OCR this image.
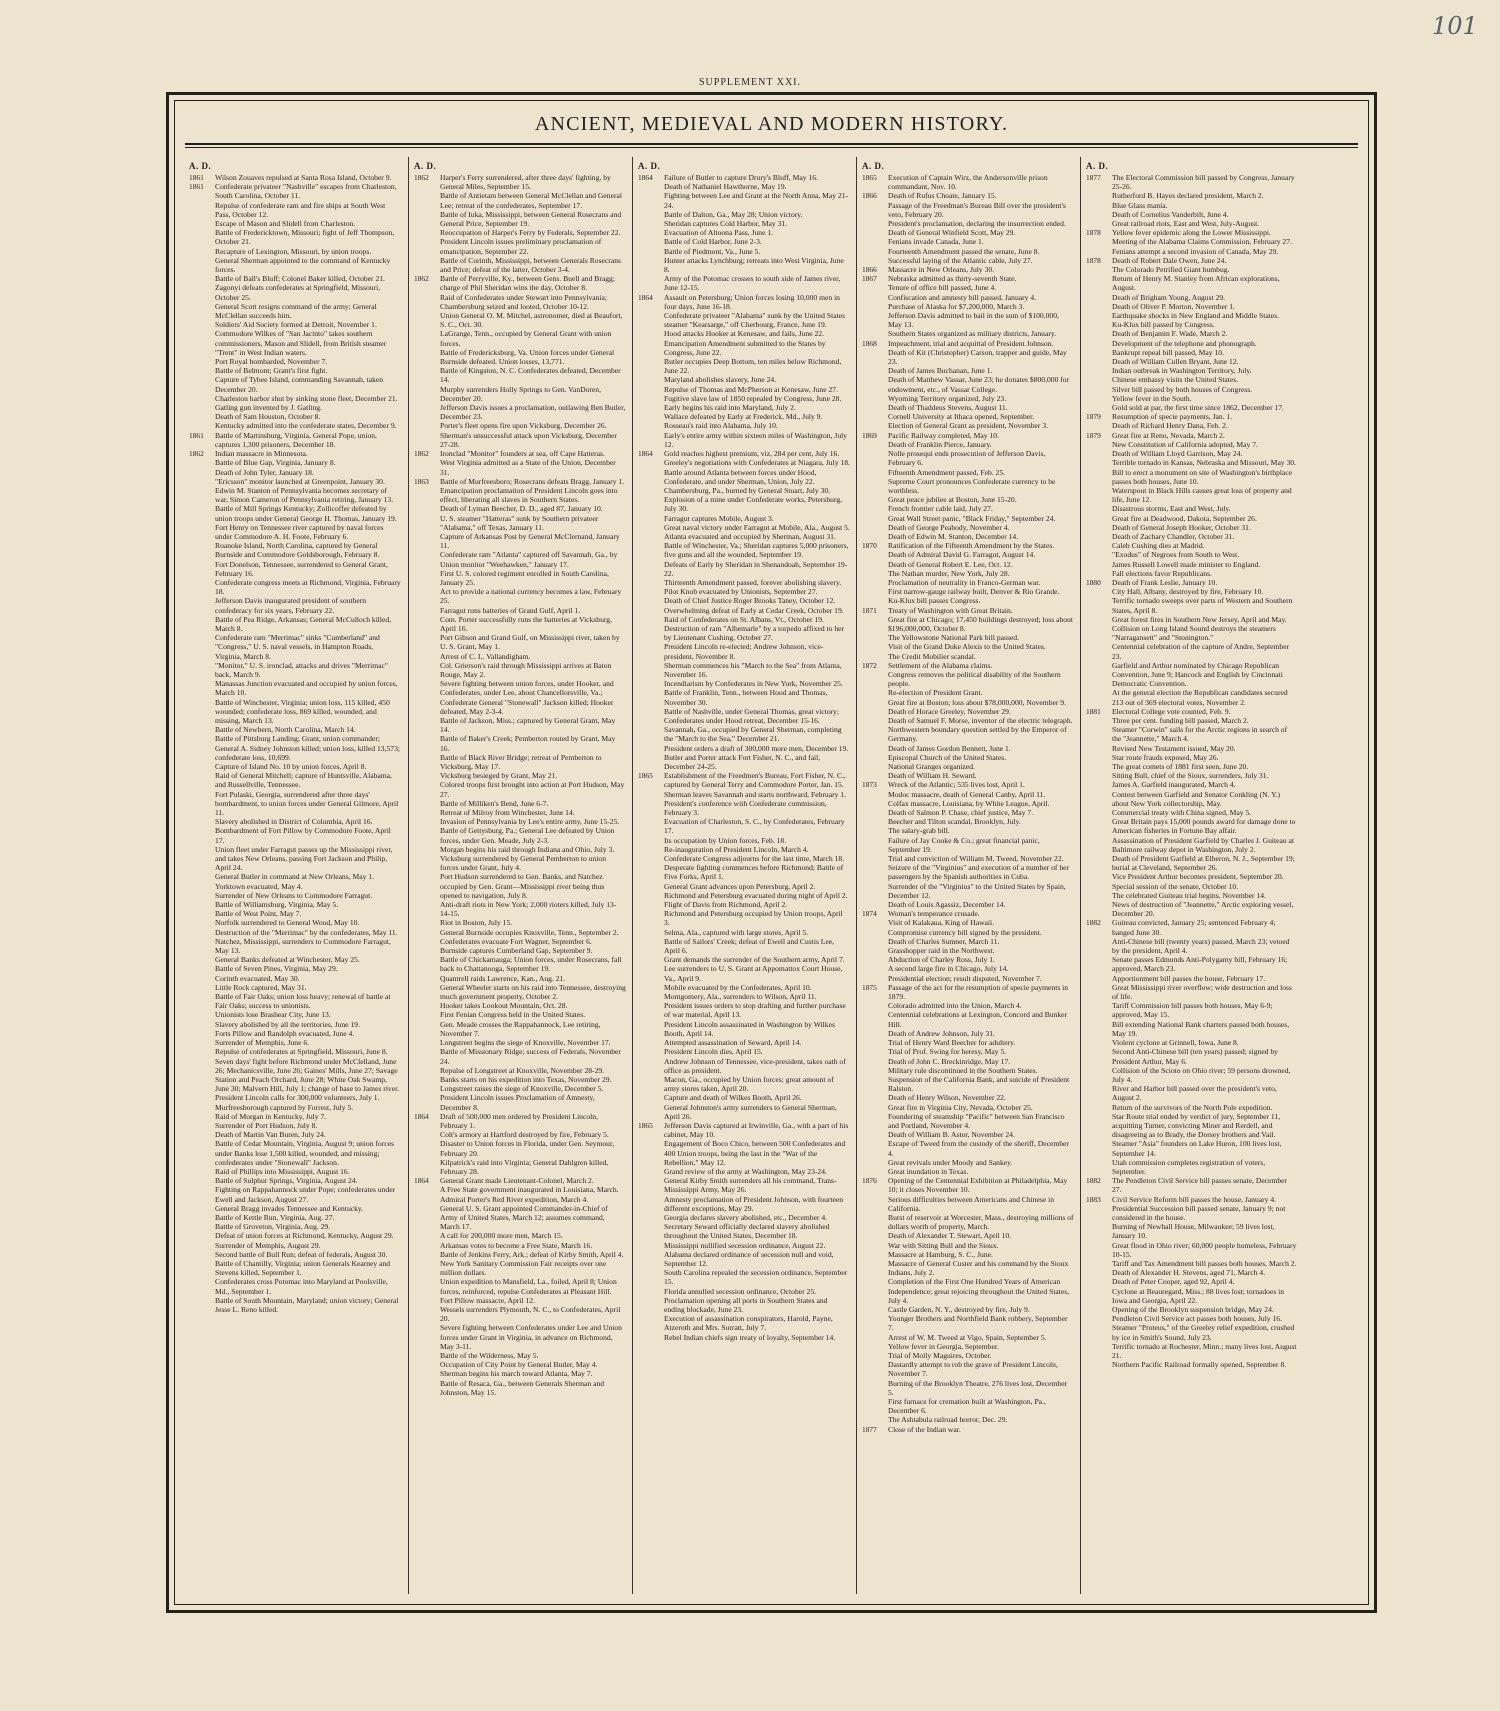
101
SUPPLEMENT XXI.
ANCIENT, MEDIEVAL AND MODERN HISTORY.
A. D.
1861	Wilson Zouaves repulsed at Santa Rosa Island, October 9.
1861	Confederate privateer "Nashville" escapes from Charleston, South Carolina, October 11.
Repulse of confederate ram and fire ships at South West Pass, October 12.
Escape of Mason and Slidell from Charleston.
Battle of Fredericktown, Missouri; fight of Jeff Thompson, October 21.
Recapture of Lexington, Missouri, by union troops.
General Sherman appointed to the command of Kentucky forces.
Battle of Ball's Bluff; Colonel Baker killed, October 21.
Zagonyi defeats confederates at Springfield, Missouri, October 25.
General Scott resigns command of the army; General McClellan succeeds him.
Soldiers' Aid Society formed at Detroit, November 1.
Commodore Wilkes of "San Jacinto" takes southern commissioners, Mason and Slidell, from British steamer "Trent" in West Indian waters.
Port Royal bombarded, November 7.
Battle of Belmont; Grant's first fight.
Capture of Tybee Island, commanding Savannah, taken December 20.
Charleston harbor shut by sinking stone fleet, December 21.
Gatling gun invented by J. Gatling.
Death of Sam Houston, October 8.
Kentucky admitted into the confederate states, December 9.
1861	Battle of Martinsburg, Virginia, General Pope, union, captures 1,300 prisoners, December 18.
1862	Indian massacre in Minnesota.
Battle of Blue Gap, Virginia, January 8.
Death of John Tyler, January 18.
"Ericsson" monitor launched at Greenpoint, January 30.
Edwin M. Stanton of Pennsylvania becomes secretary of war, Simon Cameron of Pennsylvania retiring, January 13.
Battle of Mill Springs Kentucky; Zollicoffer defeated by union troops under General George H. Thomas, January 19.
Fort Henry on Tennessee river captured by naval forces under Commodore A. H. Foote, February 6.
Roanoke Island, North Carolina, captured by General Burnside and Commodore Goldsborough, February 8.
Fort Donelson, Tennessee, surrendered to General Grant, February 16.
Confederate congress meets at Richmond, Virginia, February 18.
Jefferson Davis inaugurated president of southern confederacy for six years, February 22.
Battle of Pea Ridge, Arkansas; General McCulloch killed, March 8.
Confederate ram "Merrimac" sinks "Cumberland" and "Congress," U. S. naval vessels, in Hampton Roads, Virginia, March 8.
"Monitor," U. S. ironclad, attacks and drives "Merrimac" back, March 9.
Manassas Junction evacuated and occupied by union forces, March 10.
Battle of Winchester, Virginia; union loss, 115 killed, 450 wounded; confederate loss, 869 killed, wounded, and missing, March 13.
Battle of Newbern, North Carolina, March 14.
Battle of Pittsburg Landing; Grant, union commander; General A. Sidney Johnston killed; union loss, killed 13,573; confederate loss, 10,699.
Capture of Island No. 10 by union forces, April 8.
Raid of General Mitchell; capture of Huntsville, Alabama, and Russellville, Tennessee.
Fort Pulaski, Georgia, surrendered after three days' bombardment, to union forces under General Gilmore, April 11.
Slavery abolished in District of Columbia, April 16.
Bombardment of Fort Pillow by Commodore Foote, April 17.
Union fleet under Farragut passes up the Mississippi river, and takes New Orleans, passing Fort Jackson and Philip, April 24.
General Butler in command at New Orleans, May 1.
Yorktown evacuated, May 4.
Surrender of New Orleans to Commodore Farragut.
Battle of Williamsburg, Virginia, May 5.
Battle of West Point, May 7.
Norfolk surrendered to General Wood, May 10.
Destruction of the "Merrimac" by the confederates, May 11.
Natchez, Mississippi, surrenders to Commodore Farragut, May 13.
General Banks defeated at Winchester, May 25.
Battle of Seven Pines, Virginia, May 29.
Corinth evacuated, May 30.
Little Rock captured, May 31.
Battle of Fair Oaks; union loss heavy; renewal of battle at Fair Oaks; success to unionists.
Unionists lose Brashear City, June 13.
Slavery abolished by all the territories, June 19.
Forts Pillow and Randolph evacuated, June 4.
Surrender of Memphis, June 6.
Repulse of confederates at Springfield, Missouri, June 8.
Seven days' fight before Richmond under McClelland, June 26; Mechanicsville, June 26; Gaines' Mills, June 27; Savage Station and Peach Orchard, June 28; White Oak Swamp, June 30; Malvern Hill, July 1; change of base to James river.
President Lincoln calls for 300,000 volunteers, July 1.
Murfreesborough captured by Forrest, July 5.
Raid of Morgan in Kentucky, July 7.
Surrender of Port Hudson, July 8.
Death of Martin Van Buren, July 24.
Battle of Cedar Mountain, Virginia, August 9; union forces under Banks lose 1,500 killed, wounded, and missing; confederates under "Stonewall" Jackson.
Raid of Phillips into Mississippi, August 16.
Battle of Sulphur Springs, Virginia, August 24.
Fighting on Rappahannock under Pope; confederates under Ewell and Jackson, August 27.
General Bragg invades Tennessee and Kentucky.
Battle of Kettle Run, Virginia, Aug. 27.
Battle of Groveton, Virginia, Aug. 29.
Defeat of union forces at Richmond, Kentucky, August 29.
Surrender of Memphis, August 29.
Second battle of Bull Run; defeat of federals, August 30.
Battle of Chantilly, Virginia; union Generals Kearney and Stevens killed, September 1.
Confederates cross Potomac into Maryland at Poolsville, Md., September 1.
Battle of South Mountain, Maryland; union victory; General Jesse L. Reno killed.
A. D.
1862	Harper's Ferry surrendered, after three days' fighting, by General Miles, September 15.
Battle of Antietam between General McClellan and General Lee; retreat of the confederates, September 17.
Battle of Iuka, Mississippi, between General Rosecrans and General Price, September 19.
Reoccupation of Harper's Ferry by Federals, September 22.
President Lincoln issues preliminary proclamation of emancipation, September 22.
Battle of Corinth, Mississippi, between Generals Rosecrans and Price; defeat of the latter, October 3-4.
1862	Battle of Perryville, Ky., between Gens. Buell and Bragg; charge of Phil Sheridan wins the day, October 8.
Raid of Confederates under Stewart into Pennsylvania; Chambersburg seized and looted, October 10-12.
Union General O. M. Mitchel, astronomer, died at Beaufort, S. C., Oct. 30.
LaGrange, Tenn., occupied by General Grant with union forces.
Battle of Fredericksburg, Va. Union forces under General Burnside defeated. Union losses, 13,771.
Battle of Kingston, N. C. Confederates defeated, December 14.
Murphy surrenders Holly Springs to Gen. VanDoren, December 20.
Jefferson Davis issues a proclamation, outlawing Ben Butler, December 23.
Porter's fleet opens fire upon Vicksburg, December 26.
Sherman's unsuccessful attack upon Vicksburg, December 27-28.
1862	Ironclad "Monitor" founders at sea, off Cape Hatteras.
West Virginia admitted as a State of the Union, December 31.
1863	Battle of Murfreesboro; Rosecrans defeats Bragg, January 1.
Emancipation proclamation of President Lincoln goes into effect, liberating all slaves in Southern States.
Death of Lyman Beecher, D. D., aged 87, January 10.
U. S. steamer "Hatteras" sunk by Southern privateer "Alabama," off Texas, January 11.
Capture of Arkansas Post by General McClernand, January 11.
Confederate ram "Atlanta" captured off Savannah, Ga., by Union monitor "Weehawken," January 17.
First U. S. colored regiment enrolled in South Carolina, January 25.
Act to provide a national currency becomes a law, February 25.
Farragut runs batteries of Grand Gulf, April 1.
Com. Porter successfully runs the batteries at Vicksburg, April 16.
Port Gibson and Grand Gulf, on Mississippi river, taken by U. S. Grant, May 1.
Arrest of C. L. Vallandigham.
Col. Grierson's raid through Mississippi arrives at Baton Rouge, May 2.
Severe fighting between union forces, under Hooker, and Confederates, under Lee, about Chancellorsville, Va.; Confederate General "Stonewall" Jackson killed; Hooker defeated, May 2-3-4.
Battle of Jackson, Miss.; captured by General Grant, May 14.
Battle of Baker's Creek; Pemberton routed by Grant, May 16.
Battle of Black River Bridge; retreat of Pemberton to Vicksburg, May 17.
Vicksburg besieged by Grant, May 21.
Colored troops first brought into action at Port Hudson, May 27.
Battle of Milliken's Bend, June 6-7.
Retreat of Milroy from Winchester, June 14.
Invasion of Pennsylvania by Lee's entire army, June 15-25.
Battle of Gettysburg, Pa.; General Lee defeated by Union forces, under Gen. Meade, July 2-3.
Morgan begins his raid through Indiana and Ohio, July 3.
Vicksburg surrendered by General Pemberton to union forces under Grant, July 4.
Port Hudson surrendered to Gen. Banks, and Natchez occupied by Gen. Grant—Mississippi river being thus opened to navigation, July 8.
Anti-draft riots in New York; 2,000 rioters killed, July 13-14-15.
Riot in Boston, July 15.
General Burnside occupies Knoxville, Tenn., September 2.
Confederates evacuate Fort Wagner, September 6.
Burnside captures Cumberland Gap, September 9.
Battle of Chickamauga; Union forces, under Rosecrans, fall back to Chattanooga, September 19.
Quantrell raids Lawrence, Kan., Aug. 21.
General Wheeler starts on his raid into Tennessee, destroying much government property, October 2.
Hooker takes Lookout Mountain, Oct. 28.
First Fenian Congress held in the United States.
Gen. Meade crosses the Rappahannock, Lee retiring, November 7.
Longstreet begins the siege of Knoxville, November 17.
Battle of Missionary Ridge; success of Federals, November 24.
Repulse of Longstreet at Knoxville, November 28-29.
Banks starts on his expedition into Texas, November 29.
Longstreet raises the siege of Knoxville, December 5.
President Lincoln issues Proclamation of Amnesty, December 8.
1864	Draft of 500,000 men ordered by President Lincoln, February 1.
Colt's armory at Hartford destroyed by fire, February 5.
Disaster to Union forces in Florida, under Gen. Seymour, February 20.
Kilpatrick's raid into Virginia; General Dahlgren killed, February 28.
1864	General Grant made Lieutenant-Colonel, March 2.
A Free State government inaugurated in Louisiana, March.
Admiral Porter's Red River expedition, March 4.
General U. S. Grant appointed Commander-in-Chief of Army of United States, March 12; assumes command, March 17.
A call for 200,000 more men, March 15.
Arkansas votes to become a Free State, March 16.
Battle of Jenkins Ferry, Ark.; defeat of Kirby Smith, April 4.
New York Sanitary Commission Fair receipts over one million dollars.
Union expedition to Mansfield, La., foiled, April 8; Union forces, reinforced, repulse Confederates at Pleasant Hill.
Fort Pillow massacre, April 12.
Wessels surrenders Plymouth, N. C., to Confederates, April 20.
Severe fighting between Confederates under Lee and Union forces under Grant in Virginia, in advance on Richmond, May 3-11.
Battle of the Wilderness, May 5.
Occupation of City Point by General Butler, May 4.
Sherman begins his march toward Atlanta, May 7.
Battle of Resaca, Ga., between Generals Sherman and Johnston, May 15.
A. D.
1864	Failure of Butler to capture Drury's Bluff, May 16.
Death of Nathaniel Hawthorne, May 19.
Fighting between Lee and Grant at the North Anna, May 21-24.
Battle of Dalton, Ga., May 28; Union victory.
Sheridan captures Cold Harbor, May 31.
Evacuation of Altoona Pass, June 1.
Battle of Cold Harbor, June 2-3.
Battle of Piedmont, Va., June 5.
Hunter attacks Lynchburg; retreats into West Virginia, June 8.
Army of the Potomac crosses to south side of James river, June 12-15.
1864	Assault on Petersburg; Union forces losing 10,000 men in four days, June 16-18.
Confederate privateer "Alabama" sunk by the United States steamer "Kearsarge," off Cherbourg, France, June 19.
Hood attacks Hooker at Kenesaw, and fails, June 22.
Emancipation Amendment submitted to the States by Congress, June 22.
Butler occupies Deep Bottom, ten miles below Richmond, June 22.
Maryland abolishes slavery, June 24.
Repulse of Thomas and McPherson at Kenesaw, June 27.
Fugitive slave law of 1850 repealed by Congress, June 28.
Early begins his raid into Maryland, July 2.
Wallace defeated by Early at Frederick, Md., July 9.
Rosseau's raid into Alabama, July 10.
Early's entire army within sixteen miles of Washington, July 12.
1864	Gold reaches highest premium, viz, 284 per cent, July 16.
Greeley's negotiations with Confederates at Niagara, July 18.
Battle around Atlanta between forces under Hood, Confederate, and under Sherman, Union, July 22.
Chambersburg, Pa., burned by General Stuart, July 30.
Explosion of a mine under Confederate works, Petersburg, July 30.
Farragut captures Mobile, August 3.
Great naval victory under Farragut at Mobile, Ala., August 5.
Atlanta evacuated and occupied by Sherman, August 31.
Battle of Winchester, Va.; Sheridan captures 5,000 prisoners, five guns and all the wounded, September 19.
Defeats of Early by Sheridan in Shenandoah, September 19-22.
Thirteenth Amendment passed, forever abolishing slavery.
Pilot Knob evacuated by Unionists, September 27.
Death of Chief Justice Roger Brooks Taney, October 12.
Overwhelming defeat of Early at Cedar Creek, October 19.
Raid of Confederates on St. Albans, Vt., October 19.
Destruction of ram "Albemarle" by a torpedo affixed to her by Lieutenant Cushing, October 27.
President Lincoln re-elected; Andrew Johnson, vice-president, November 8.
Sherman commences his "March to the Sea" from Atlanta, November 16.
Incendiarism by Confederates in New York, November 25.
Battle of Franklin, Tenn., between Hood and Thomas, November 30.
Battle of Nashville, under General Thomas, great victory; Confederates under Hood retreat, December 15-16.
Savannah, Ga., occupied by General Sherman, completing the "March to the Sea," December 21.
President orders a draft of 300,000 more men, December 19.
Butler and Porter attack Fort Fisher, N. C., and fail, December 24-25.
1865	Establishment of the Freedmen's Bureau, Fort Fisher, N. C., captured by General Terry and Commodore Porter, Jan. 15.
Sherman leaves Savannah and starts northward, February 1.
President's conference with Confederate commission, February 3.
Evacuation of Charleston, S. C., by Confederates, February 17.
Its occupation by Union forces, Feb. 18.
Re-inauguration of President Lincoln, March 4.
Confederate Congress adjourns for the last time, March 18.
Desperate fighting commences before Richmond; Battle of Five Forks, April 1.
General Grant advances upon Petersburg, April 2.
Richmond and Petersburg evacuated during night of April 2.
Flight of Davis from Richmond, April 2.
Richmond and Petersburg occupied by Union troops, April 3.
Selma, Ala., captured with large stores, April 5.
Battle of Sailors' Creek; defeat of Ewell and Custis Lee, April 6.
Grant demands the surrender of the Southern army, April 7.
Lee surrenders to U. S. Grant at Appomattox Court House, Va., April 9.
Mobile evacuated by the Confederates, April 10.
Montgomery, Ala., surrenders to Wilson, April 11.
President issues orders to stop drafting and further purchase of war material, April 13.
President Lincoln assassinated in Washington by Wilkes Booth, April 14.
Attempted assassination of Seward, April 14.
President Lincoln dies, April 15.
Andrew Johnson of Tennessee, vice-president, takes oath of office as president.
Macon, Ga., occupied by Union forces; great amount of army stores taken, April 20.
Capture and death of Wilkes Booth, April 26.
General Johnston's army surrenders to General Sherman, April 26.
1865	Jefferson Davis captured at Irwinville, Ga., with a part of his cabinet, May 10.
Engagement of Boco Chico, between 500 Confederates and 400 Union troops, being the last in the "War of the Rebellion," May 12.
Grand review of the army at Washington, May 23-24.
General Kirby Smith surrenders all his command, Trans-Mississippi Army, May 26.
Amnesty proclamation of President Johnson, with fourteen different exceptions, May 29.
Georgia declares slavery abolished, etc., December 4.
Secretary Seward officially declared slavery abolished throughout the United States, December 18.
Mississippi nullified secession ordinance, August 22.
Alabama declared ordinance of secession null and void, September 12.
South Carolina repealed the secession ordinance, September 15.
Florida annulled secession ordinance, October 25.
Proclamation opening all ports in Southern States and ending blockade, June 23.
Execution of assassination conspirators, Harold, Payne, Atzeroth and Mrs. Surratt, July 7.
Rebel Indian chiefs sign treaty of loyalty, September 14.
A. D.
1865	Execution of Captain Wirz, the Andersonville prison commandant, Nov. 10.
1866	Death of Rufus Choate, January 15.
Passage of the Freedman's Bureau Bill over the president's veto, February 20.
President's proclamation, declaring the insurrection ended.
Death of General Winfield Scott, May 29.
Fenians invade Canada, June 1.
Fourteenth Amendment passed the senate, June 8.
Successful laying of the Atlantic cable, July 27.
1866	Massacre in New Orleans, July 30.
1867	Nebraska admitted as thirty-seventh State.
Tenure of office bill passed, June 4.
Confiscation and amnesty bill passed, January 4.
Purchase of Alaska for $7,200,000, March 3.
Jefferson Davis admitted to bail in the sum of $100,000, May 13.
Southern States organized as military districts, January.
1868	Impeachment, trial and acquittal of President Johnson.
Death of Kit (Christopher) Carson, trapper and guide, May 23.
Death of James Buchanan, June 1.
Death of Matthew Vassar, June 23; he donates $800,000 for endowment, etc., of Vassar College.
Wyoming Territory organized, July 23.
Death of Thaddeus Stevens, August 11.
Cornell University at Ithaca opened, September.
Election of General Grant as president, November 3.
1869	Pacific Railway completed, May 10.
Death of Franklin Pierce, January.
Nolle prosequi ends prosecution of Jefferson Davis, February 6.
Fifteenth Amendment passed, Feb. 25.
Supreme Court pronounces Confederate currency to be worthless.
Great peace jubilee at Boston, June 15-20.
French frontier cable laid, July 27.
Great Wall Street panic, "Black Friday," September 24.
Death of George Peabody, November 4.
Death of Edwin M. Stanton, December 14.
1870	Ratification of the Fifteenth Amendment by the States.
Death of Admiral David G. Farragut, August 14.
Death of General Robert E. Lee, Oct. 12.
The Nathan murder, New York, July 28.
Proclamation of neutrality in Franco-German war.
First narrow-gauge railway built, Denver & Rio Grande.
Ku-Klux bill passes Congress.
1871	Treaty of Washington with Great Britain.
Great fire at Chicago; 17,450 buildings destroyed; loss about $196,000,000, October 8.
The Yellowstone National Park bill passed.
Visit of the Grand Duke Alexis to the United States.
The Credit Mobilier scandal.
1872	Settlement of the Alabama claims.
Congress removes the political disability of the Southern people.
Re-election of President Grant.
Great fire at Boston; loss about $78,000,000, November 9.
Death of Horace Greeley, November 29.
Death of Samuel F. Morse, inventor of the electric telegraph.
Northwestern boundary question settled by the Emperor of Germany.
Death of James Gordon Bennett, June 1.
Episcopal Church of the United States.
National Granges organized.
Death of William H. Seward.
1873	Wreck of the Atlantic; 535 lives lost, April 1.
Modoc massacre, death of General Canby, April 11.
Colfax massacre, Louisiana, by White League, April.
Death of Salmon P. Chase, chief justice, May 7.
Beecher and Tilton scandal, Brooklyn, July.
The salary-grab bill.
Failure of Jay Cooke & Co.; great financial panic, September 19.
Trial and conviction of William M. Tweed, November 22.
Seizure of the "Virginius" and execution of a number of her passengers by the Spanish authorities in Cuba.
Surrender of the "Virginius" to the United States by Spain, December 12.
Death of Louis Agassiz, December 14.
1874	Woman's temperance crusade.
Visit of Kalakaua, King of Hawaii.
Compromise currency bill signed by the president.
Death of Charles Sumner, March 11.
Grasshopper raid in the Northwest.
Abduction of Charley Ross, July 1.
A second large fire in Chicago, July 14.
Presidential election; result disputed, November 7.
1875	Passage of the act for the resumption of specie payments in 1879.
Colorado admitted into the Union, March 4.
Centennial celebrations at Lexington, Concord and Bunker Hill.
Death of Andrew Johnson, July 31.
Trial of Henry Ward Beecher for adultery.
Trial of Prof. Swing for heresy, May 5.
Death of John C. Breckinridge, May 17.
Military rule discontinued in the Southern States.
Suspension of the California Bank, and suicide of President Ralston.
Death of Henry Wilson, November 22.
Great fire in Virginia City, Nevada, October 25.
Foundering of steamship "Pacific" between San Francisco and Portland, November 4.
Death of William B. Astor, November 24.
Escape of Tweed from the custody of the sheriff, December 4.
Great revivals under Moody and Sankey.
Great inundation in Texas.
1876	Opening of the Centennial Exhibition at Philadelphia, May 10; it closes November 10.
Serious difficulties between Americans and Chinese in California.
Burst of reservoir at Worcester, Mass., destroying millions of dollars worth of property, March.
Death of Alexander T. Stewart, April 10.
War with Sitting Bull and the Sioux.
Massacre at Hamburg, S. C., June.
Massacre of General Custer and his command by the Sioux Indians, July 2.
Completion of the First One Hundred Years of American Independence; great rejoicing throughout the United States, July 4.
Castle Garden, N. Y., destroyed by fire, July 9.
Younger Brothers and Northfield Bank robbery, September 7.
Arrest of W. M. Tweed at Vigo, Spain, September 5.
Yellow fever in Georgia, September.
Trial of Molly Maguires, October.
Dastardly attempt to rob the grave of President Lincoln, November 7.
Burning of the Brooklyn Theatre, 276 lives lost, December 5.
First furnace for cremation built at Washington, Pa., December 6.
The Ashtabula railroad horror, Dec. 29.
1877	Close of the Indian war.
A. D.
1877	The Electoral Commission bill passed by Congress, January 25-26.
Rutherford B. Hayes declared president, March 2.
Blue Glass mania.
Death of Cornelius Vanderbilt, June 4.
Great railroad riots, East and West, July-August.
1878	Yellow fever epidemic along the Lower Mississippi.
Meeting of the Alabama Claims Commission, February 27.
Fenians attempt a second invasion of Canada, May 29.
1878	Death of Robert Dale Owen, June 24.
The Colorado Petrified Giant humbug.
Return of Henry M. Stanley from African explorations, August.
Death of Brigham Young, August 29.
Death of Oliver P. Morton, November 1.
Earthquake shocks in New England and Middle States.
Ku-Klux bill passed by Congress.
Death of Benjamin F. Wade, March 2.
Development of the telephone and phonograph.
Bankrupt repeal bill passed, May 10.
Death of William Cullen Bryant, June 12.
Indian outbreak in Washington Territory, July.
Chinese embassy visits the United States.
Silver bill passed by both houses of Congress.
Yellow fever in the South.
Gold sold at par, the first time since 1862, December 17.
1879	Resumption of specie payments, Jan. 1.
Death of Richard Henry Dana, Feb. 2.
1879	Great fire at Reno, Nevada, March 2.
New Constitution of California adopted, May 7.
Death of William Lloyd Garrison, May 24.
Terrible tornado in Kansas, Nebraska and Missouri, May 30.
Bill to erect a monument on site of Washington's birthplace passes both houses, June 10.
Waterspout in Black Hills causes great loss of property and life, June 12.
Disastrous storms, East and West, July.
Great fire at Deadwood, Dakota, September 26.
Death of General Joseph Hooker, October 31.
Death of Zachary Chandler, October 31.
Caleb Cushing dies at Madrid.
"Exodus" of Negroes from South to West.
James Russell Lowell made minister to England.
Fall elections favor Republicans.
1880	Death of Frank Leslie, January 10.
City Hall, Albany, destroyed by fire, February 10.
Terrific tornado sweeps over parts of Western and Southern States, April 8.
Great forest fires in Southern New Jersey, April and May.
Collision on Long Island Sound destroys the steamers "Narragansett" and "Stonington."
Centennial celebration of the capture of Andre, September 23.
Garfield and Arthur nominated by Chicago Republican Convention, June 9; Hancock and English by Cincinnati Democratic Convention.
At the general election the Republican candidates secured 213 out of 369 electoral votes, November 2.
1881	Electoral College vote counted, Feb. 9.
Three per cent. funding bill passed, March 2.
Steamer "Corwin" sails for the Arctic regions in search of the "Jeannette," March 4.
Revised New Testament issued, May 20.
Star route frauds exposed, May 26.
The great comets of 1881 first seen, June 20.
Sitting Bull, chief of the Sioux, surrenders, July 31.
James A. Garfield inaugurated, March 4.
Contest between Garfield and Senator Conkling (N. Y.) about New York collectorship, May.
Commercial treaty with China signed, May 5.
Great Britain pays 15,000 pounds award for damage done to American fisheries in Fortune Bay affair.
Assassination of President Garfield by Charles J. Guiteau at Baltimore railway depot in Washington, July 2.
Death of President Garfield at Elberon, N. J., September 19; burial at Cleveland, September 26.
Vice President Arthur becomes president, September 20.
Special session of the senate, October 10.
The celebrated Guiteau trial begins, November 14.
News of destruction of "Jeannette," Arctic exploring vessel, December 20.
1882	Guiteau convicted, January 25; sentenced February 4; hanged June 30.
Anti-Chinese bill (twenty years) passed, March 23; vetoed by the president, April 4.
Senate passes Edmunds Anti-Polygamy bill, February 16; approved, March 23.
Apportionment bill passes the house, February 17.
Great Mississippi river overflow; wide destruction and loss of life.
Tariff Commission bill passes both houses, May 6-9; approved, May 15.
Bill extending National Bank charters passed both houses, May 19.
Violent cyclone at Grinnell, Iowa, June 8.
Second Anti-Chinese bill (ten years) passed; signed by President Arthur, May 6.
Collision of the Scioto on Ohio river; 59 persons drowned, July 4.
River and Harbor bill passed over the president's veto, August 2.
Return of the survivors of the North Pole expedition.
Star Route trial ended by verdict of jury, September 11, acquitting Turner, convicting Miner and Rerdell, and disagreeing as to Brady, the Dorsey brothers and Vail.
Steamer "Asia" founders on Lake Huron, 100 lives lost, September 14.
Utah commission completes registration of voters, September.
1882	The Pendleton Civil Service bill passes senate, December 27.
1883	Civil Service Reform bill passes the house, January 4.
Presidential Succession bill passed senate, January 9; not considered in the house.
Burning of Newhall House, Milwaukee; 59 lives lost, January 10.
Great flood in Ohio river; 60,000 people homeless, February 10-15.
Tariff and Tax Amendment bill passes both houses, March 2.
Death of Alexander H. Stevens, aged 71, March 4.
Death of Peter Cooper, aged 92, April 4.
Cyclone at Beauregard, Miss.; 88 lives lost; tornadoes in Iowa and Georgia, April 22.
Opening of the Brooklyn suspension bridge, May 24.
Pendleton Civil Service act passes both houses, July 16.
Steamer "Proteus," of the Greeley relief expedition, crushed by ice in Smith's Sound, July 23.
Terrific tornado at Rochester, Minn.; many lives lost, August 21.
Northern Pacific Railroad formally opened, September 8.
